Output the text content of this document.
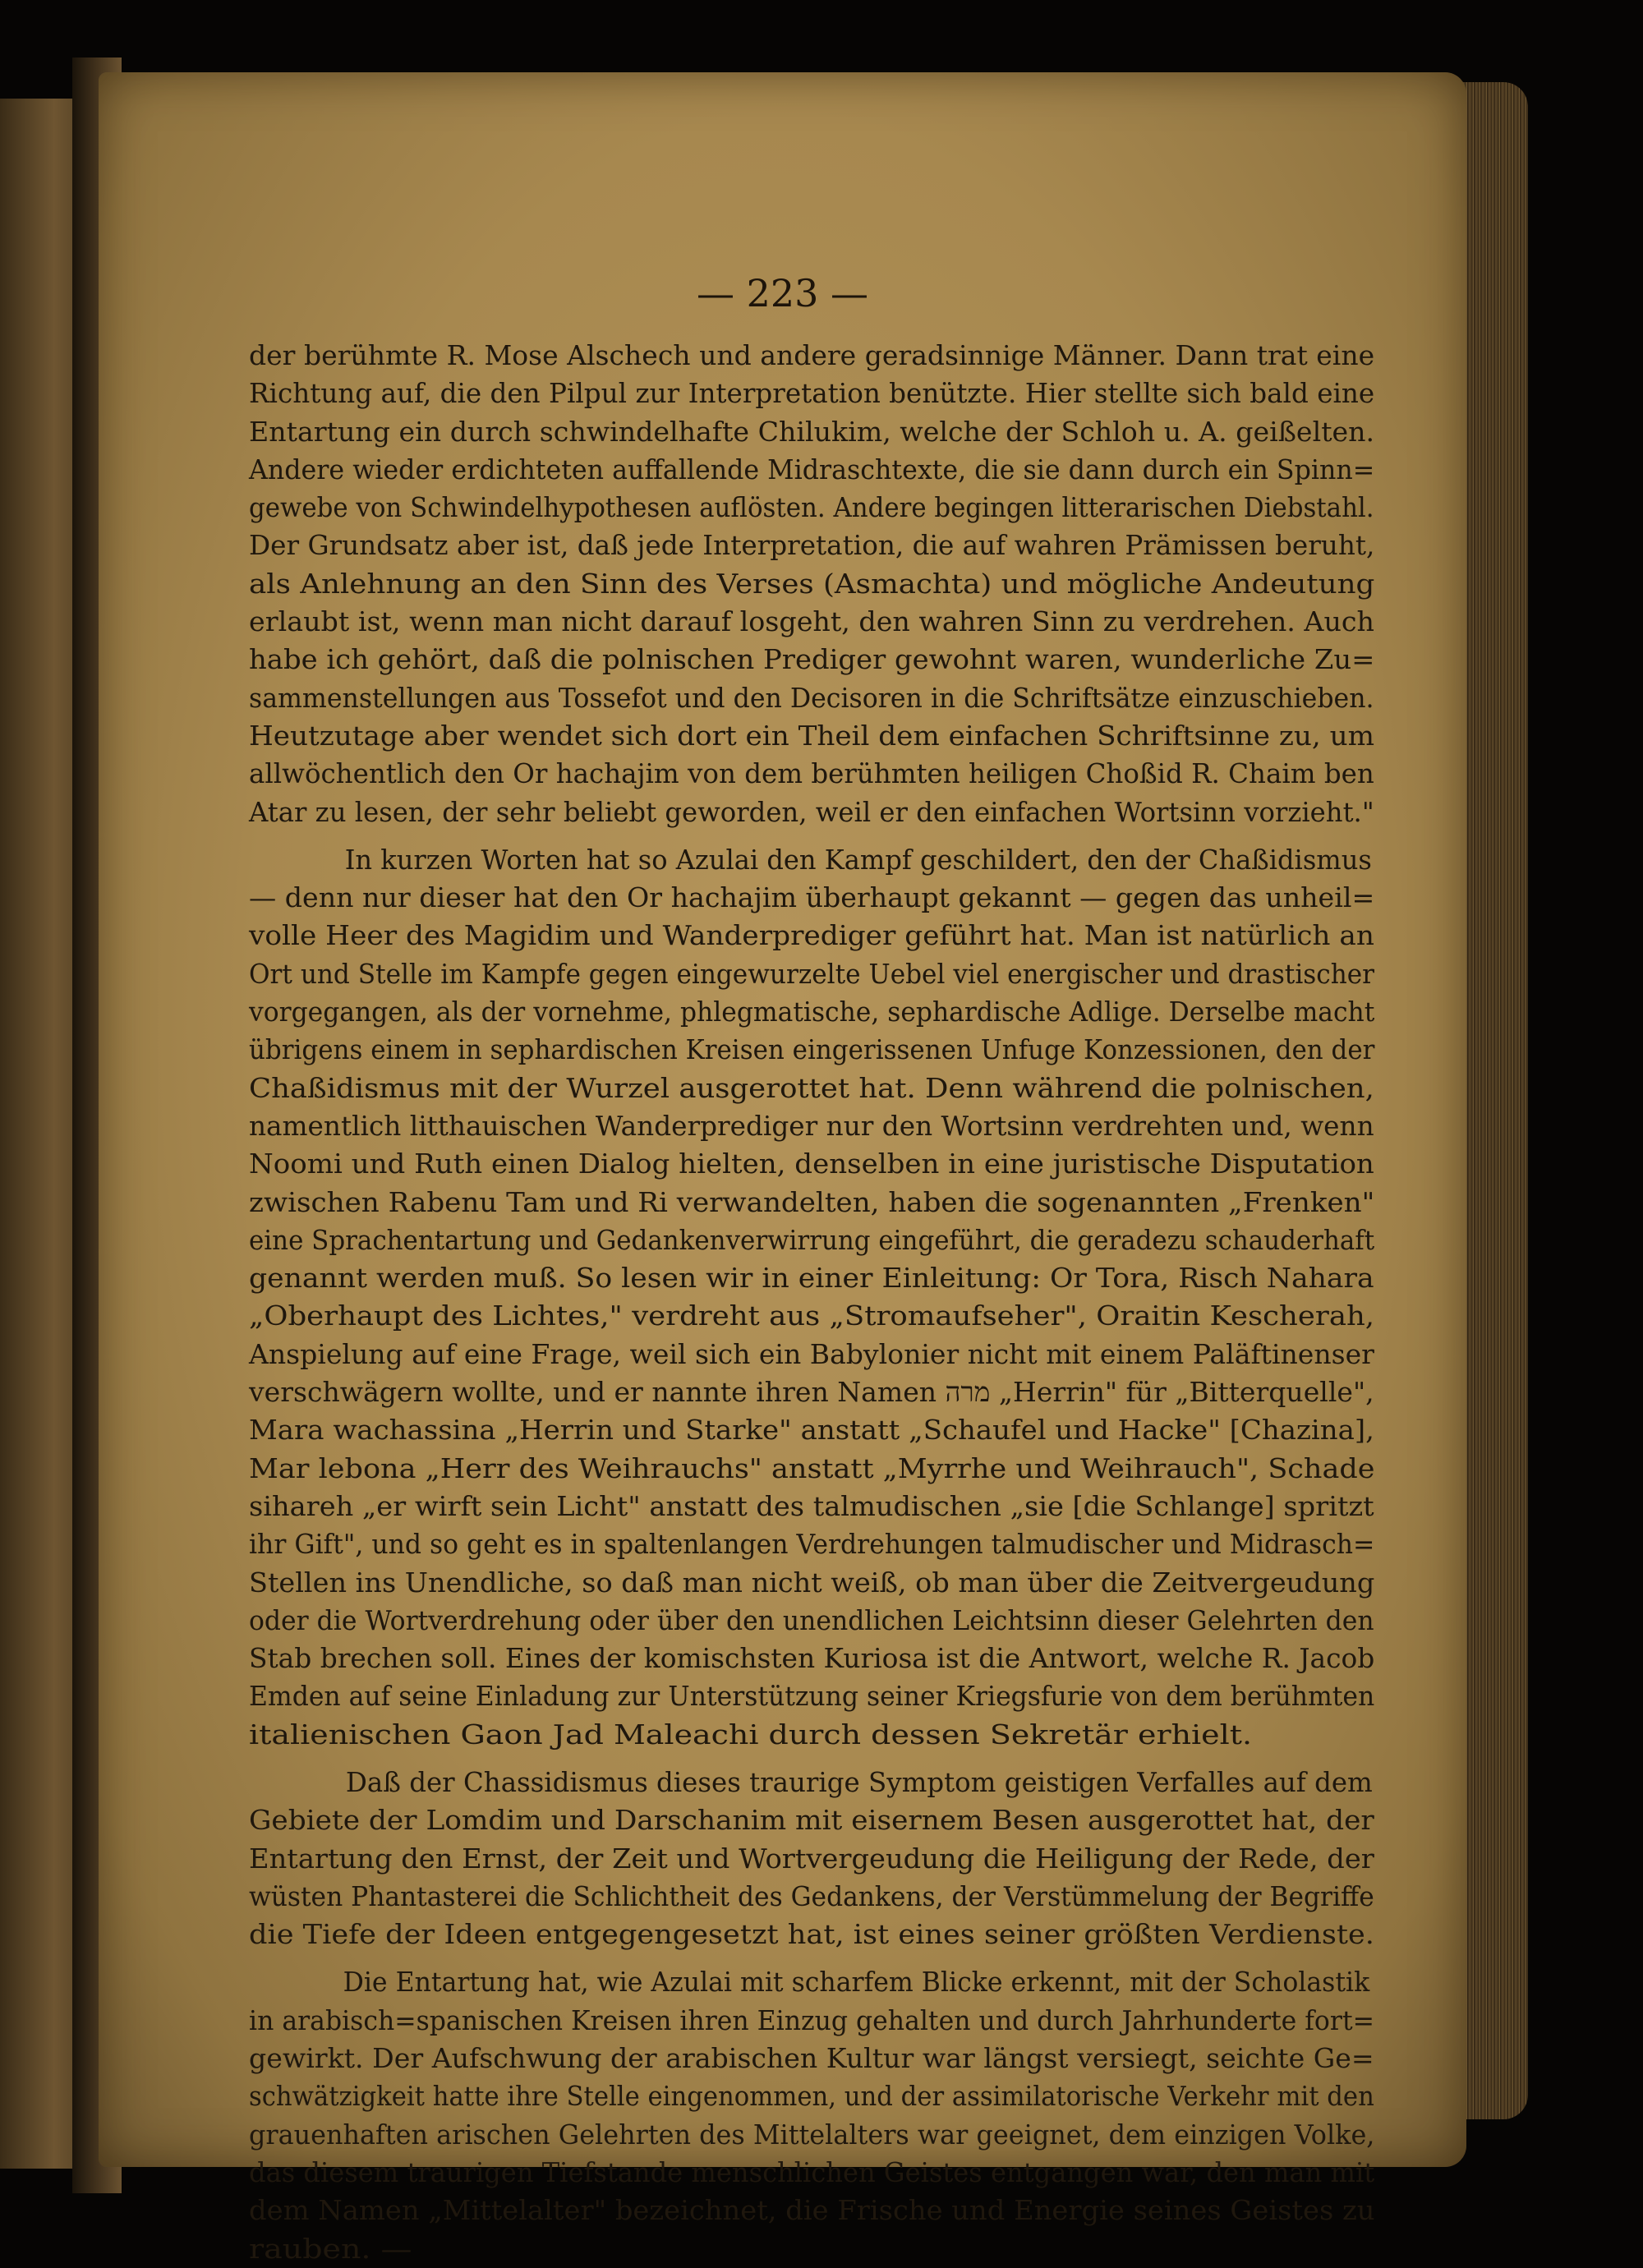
— 223 —
der berühmte R. Mose Alschech und andere geradsinnige Männer. Dann trat eine
Richtung auf, die den Pilpul zur Interpretation benützte. Hier stellte sich bald eine
Entartung ein durch schwindelhafte Chilukim, welche der Schloh u. A. geißelten.
Andere wieder erdichteten auffallende Midraschtexte, die sie dann durch ein Spinn=
gewebe von Schwindelhypothesen auflösten. Andere begingen litterarischen Diebstahl.
Der Grundsatz aber ist, daß jede Interpretation, die auf wahren Prämissen beruht,
als Anlehnung an den Sinn des Verses (Asmachta) und mögliche Andeutung
erlaubt ist, wenn man nicht darauf losgeht, den wahren Sinn zu verdrehen. Auch
habe ich gehört, daß die polnischen Prediger gewohnt waren, wunderliche Zu=
sammenstellungen aus Tossefot und den Decisoren in die Schriftsätze einzuschieben.
Heutzutage aber wendet sich dort ein Theil dem einfachen Schriftsinne zu, um
allwöchentlich den Or hachajim von dem berühmten heiligen Choßid R. Chaim ben
Atar zu lesen, der sehr beliebt geworden, weil er den einfachen Wortsinn vorzieht."
In kurzen Worten hat so Azulai den Kampf geschildert, den der Chaßidismus
— denn nur dieser hat den Or hachajim überhaupt gekannt — gegen das unheil=
volle Heer des Magidim und Wanderprediger geführt hat. Man ist natürlich an
Ort und Stelle im Kampfe gegen eingewurzelte Uebel viel energischer und drastischer
vorgegangen, als der vornehme, phlegmatische, sephardische Adlige. Derselbe macht
übrigens einem in sephardischen Kreisen eingerissenen Unfuge Konzessionen, den der
Chaßidismus mit der Wurzel ausgerottet hat. Denn während die polnischen,
namentlich litthauischen Wanderprediger nur den Wortsinn verdrehten und, wenn
Noomi und Ruth einen Dialog hielten, denselben in eine juristische Disputation
zwischen Rabenu Tam und Ri verwandelten, haben die sogenannten „Frenken"
eine Sprachentartung und Gedankenverwirrung eingeführt, die geradezu schauderhaft
genannt werden muß. So lesen wir in einer Einleitung: Or Tora, Risch Nahara
„Oberhaupt des Lichtes," verdreht aus „Stromaufseher", Oraitin Kescherah,
Anspielung auf eine Frage, weil sich ein Babylonier nicht mit einem Paläftinenser
verschwägern wollte, und er nannte ihren Namen מרה „Herrin" für „Bitterquelle",
Mara wachassina „Herrin und Starke" anstatt „Schaufel und Hacke" [Chazina],
Mar lebona „Herr des Weihrauchs" anstatt „Myrrhe und Weihrauch", Schade
sihareh „er wirft sein Licht" anstatt des talmudischen „sie [die Schlange] spritzt
ihr Gift", und so geht es in spaltenlangen Verdrehungen talmudischer und Midrasch=
Stellen ins Unendliche, so daß man nicht weiß, ob man über die Zeitvergeudung
oder die Wortverdrehung oder über den unendlichen Leichtsinn dieser Gelehrten den
Stab brechen soll. Eines der komischsten Kuriosa ist die Antwort, welche R. Jacob
Emden auf seine Einladung zur Unterstützung seiner Kriegsfurie von dem berühmten
italienischen Gaon Jad Maleachi durch dessen Sekretär erhielt.
Daß der Chassidismus dieses traurige Symptom geistigen Verfalles auf dem
Gebiete der Lomdim und Darschanim mit eisernem Besen ausgerottet hat, der
Entartung den Ernst, der Zeit und Wortvergeudung die Heiligung der Rede, der
wüsten Phantasterei die Schlichtheit des Gedankens, der Verstümmelung der Begriffe
die Tiefe der Ideen entgegengesetzt hat, ist eines seiner größten Verdienste.
Die Entartung hat, wie Azulai mit scharfem Blicke erkennt, mit der Scholastik
in arabisch=spanischen Kreisen ihren Einzug gehalten und durch Jahrhunderte fort=
gewirkt. Der Aufschwung der arabischen Kultur war längst versiegt, seichte Ge=
schwätzigkeit hatte ihre Stelle eingenommen, und der assimilatorische Verkehr mit den
grauenhaften arischen Gelehrten des Mittelalters war geeignet, dem einzigen Volke,
das diesem traurigen Tiefstande menschlichen Geistes entgangen war, den man mit
dem Namen „Mittelalter" bezeichnet, die Frische und Energie seines Geistes zu
rauben. —
